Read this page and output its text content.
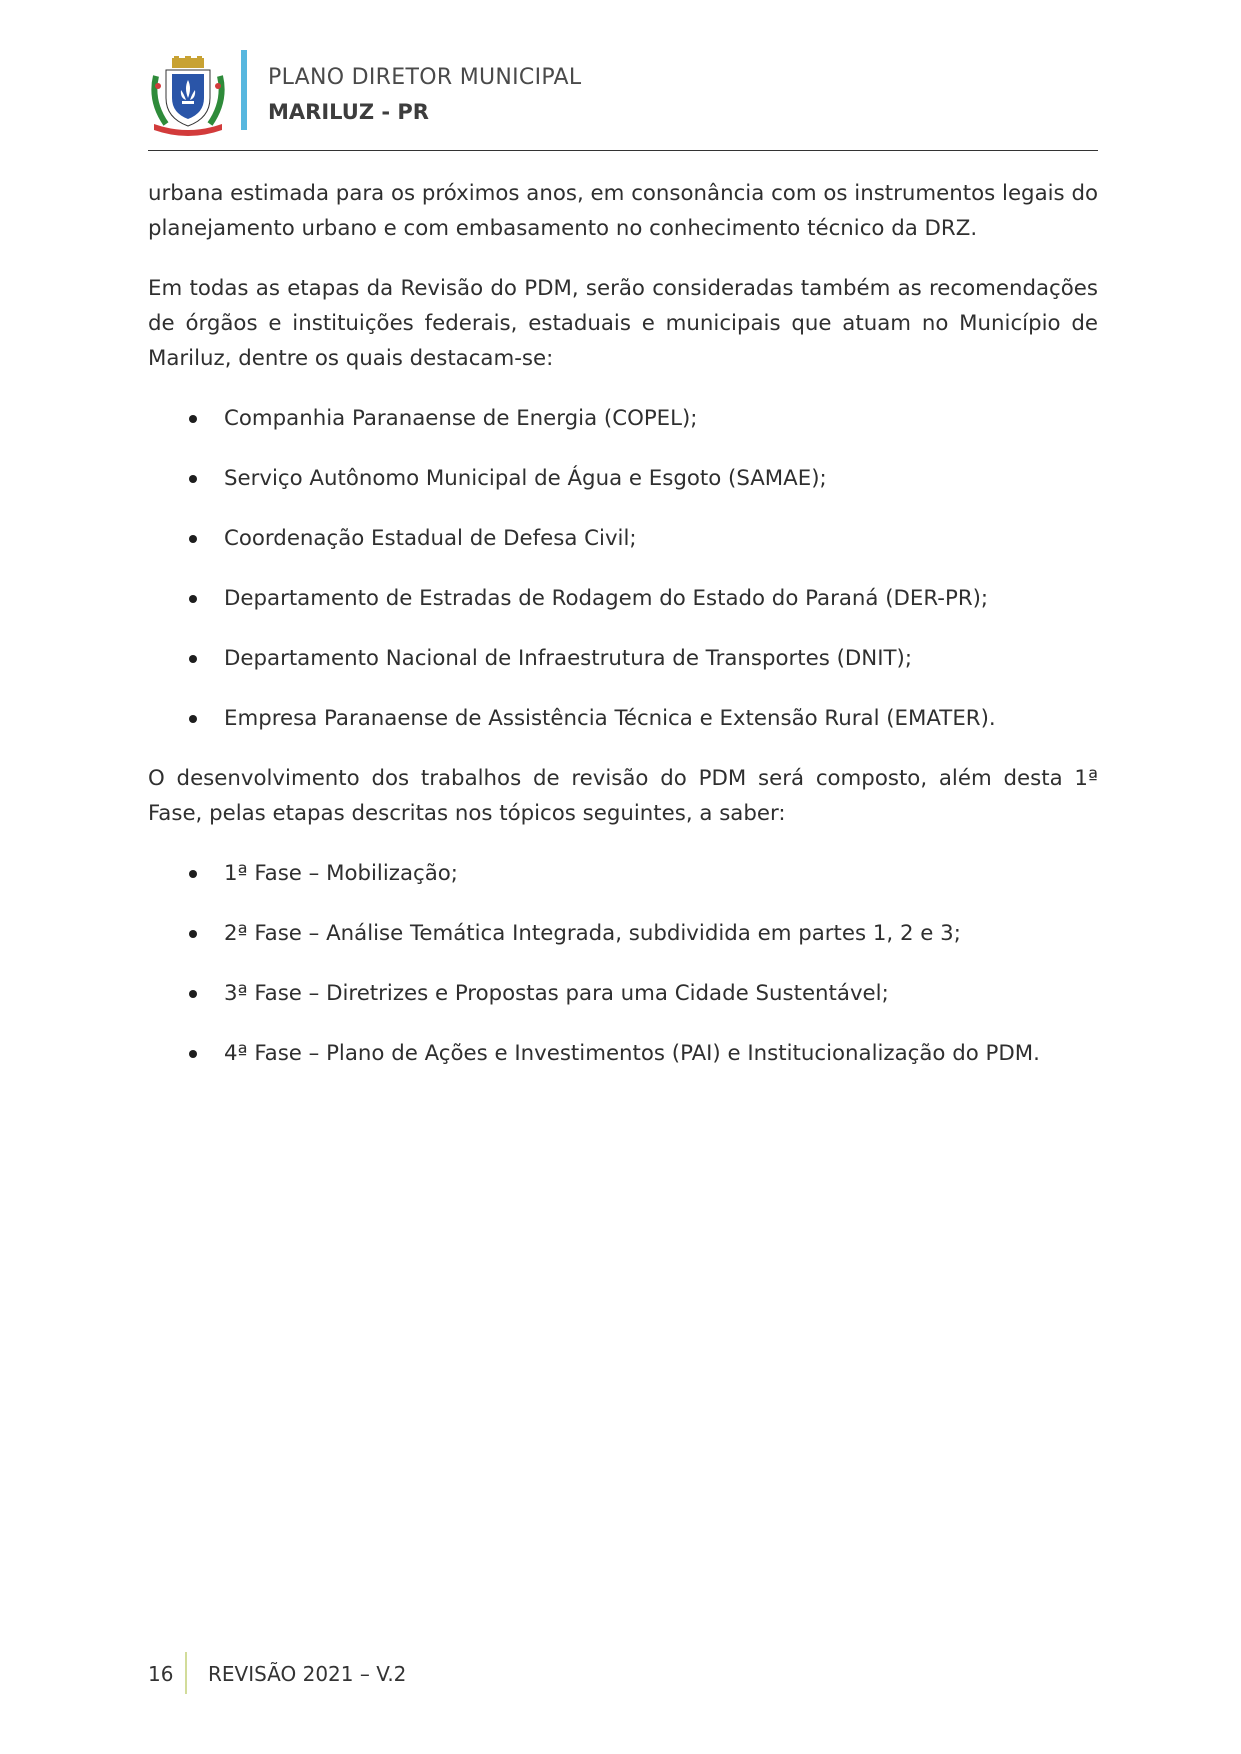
PLANO DIRETOR MUNICIPAL
MARILUZ - PR

urbana estimada para os próximos anos, em consonância com os instrumentos legais do planejamento urbano e com embasamento no conhecimento técnico da DRZ.

Em todas as etapas da Revisão do PDM, serão consideradas também as recomendações de órgãos e instituições federais, estaduais e municipais que atuam no Município de Mariluz, dentre os quais destacam-se:

Companhia Paranaense de Energia (COPEL);
Serviço Autônomo Municipal de Água e Esgoto (SAMAE);
Coordenação Estadual de Defesa Civil;
Departamento de Estradas de Rodagem do Estado do Paraná (DER-PR);
Departamento Nacional de Infraestrutura de Transportes (DNIT);
Empresa Paranaense de Assistência Técnica e Extensão Rural (EMATER).

O desenvolvimento dos trabalhos de revisão do PDM será composto, além desta 1ª Fase, pelas etapas descritas nos tópicos seguintes, a saber:

1ª Fase – Mobilização;
2ª Fase – Análise Temática Integrada, subdividida em partes 1, 2 e 3;
3ª Fase – Diretrizes e Propostas para uma Cidade Sustentável;
4ª Fase – Plano de Ações e Investimentos (PAI) e Institucionalização do PDM.
16 REVISÃO 2021 – V.2
